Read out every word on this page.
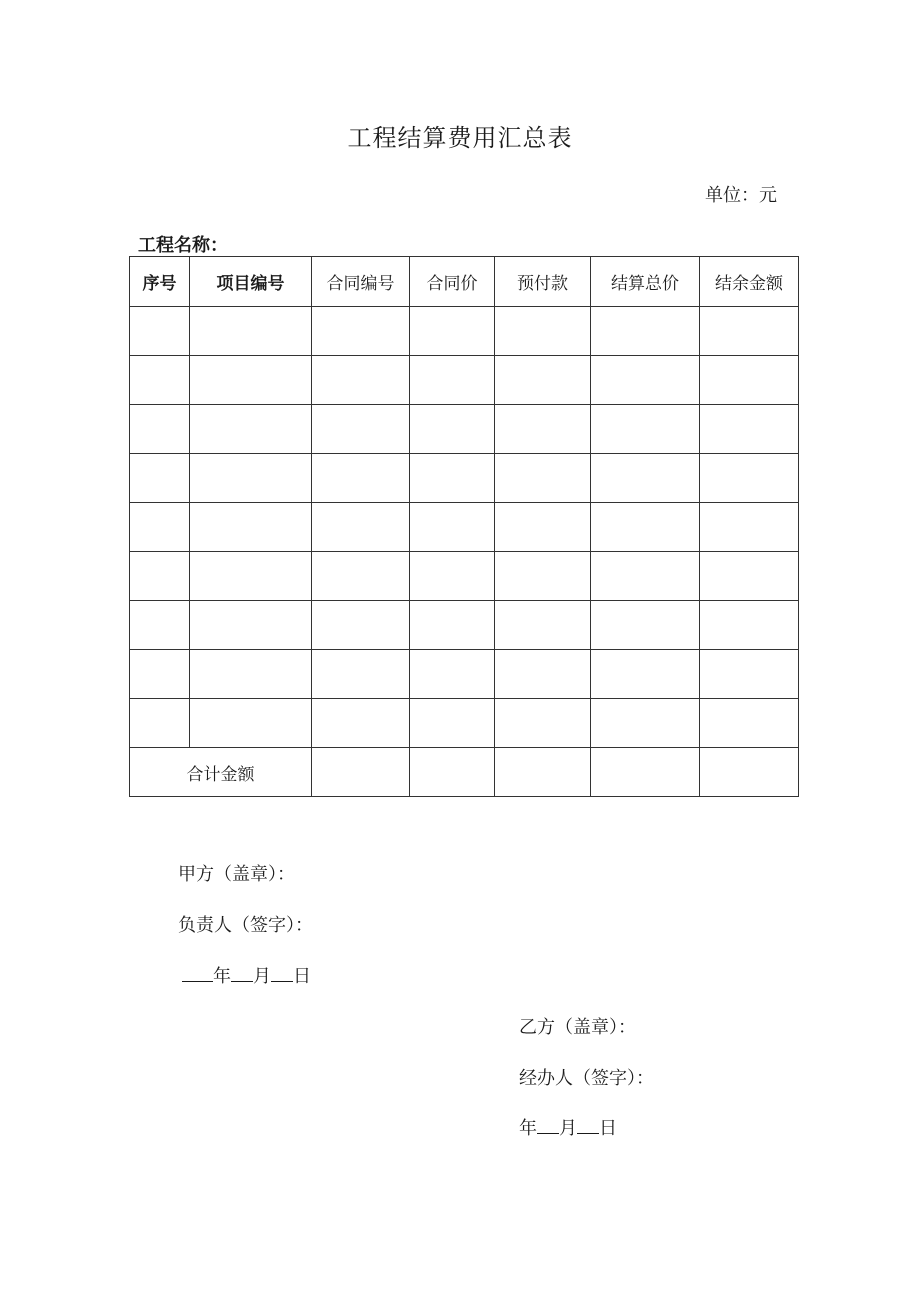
工程结算费用汇总表
单位：元
工程名称：
序号	项目编号	合同编号	合同价	预付款	结算总价	结余金额

合计金额						
甲方（盖章）：
负责人（签字）：
年 月 日
乙方（盖章）：
经办人（签字）：
年 月 日
